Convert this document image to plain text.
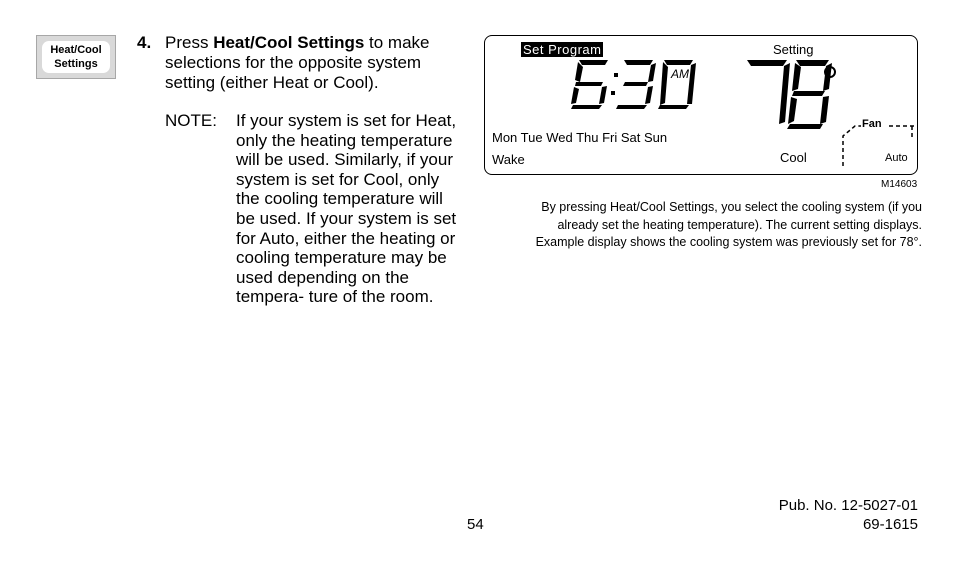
Heat/Cool
Settings
4. Press Heat/Cool Settings to make selections for the opposite system setting (either Heat or Cool).
NOTE: If your system is set for Heat, only the heating temperature will be used. Similarly, if your system is set for Cool, only the cooling temperature will be used. If your system is set for Auto, either the heating or cooling temperature may be used depending on the tempera- ture of the room.
Set Program	Setting
AM
Mon Tue Wed Thu Fri Sat Sun
Wake	Cool
Fan
Auto
M14603
By pressing Heat/Cool Settings, you select the cooling system (if you
already set the heating temperature). The current setting displays.
Example display shows the cooling system was previously set for 78°.
54
Pub. No. 12-5027-01
69-1615
